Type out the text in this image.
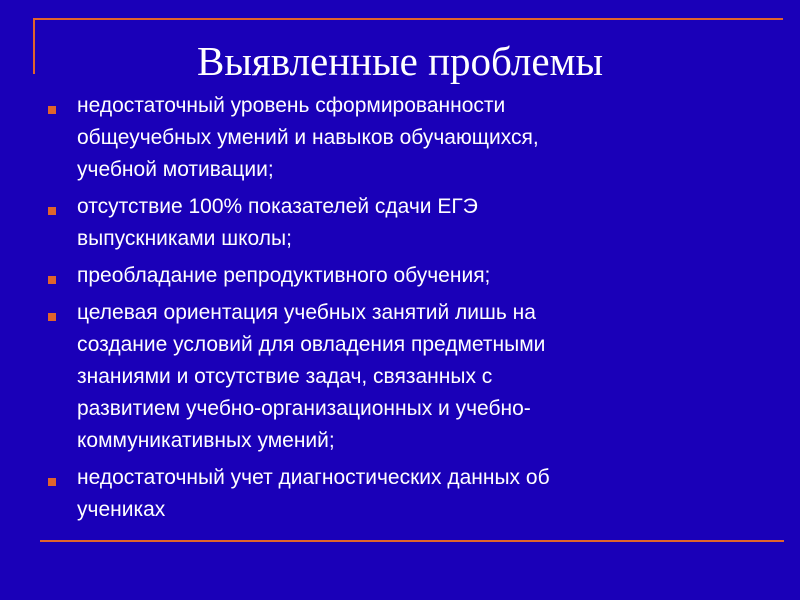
Выявленные проблемы
недостаточный уровень сформированности
общеучебных умений и навыков обучающихся,
учебной мотивации;
отсутствие 100% показателей сдачи ЕГЭ
выпускниками школы;
преобладание репродуктивного обучения;
целевая ориентация учебных занятий лишь на
создание условий для овладения предметными
знаниями и отсутствие задач, связанных с
развитием учебно-организационных и учебно-
коммуникативных умений;
недостаточный учет диагностических данных об
учениках
